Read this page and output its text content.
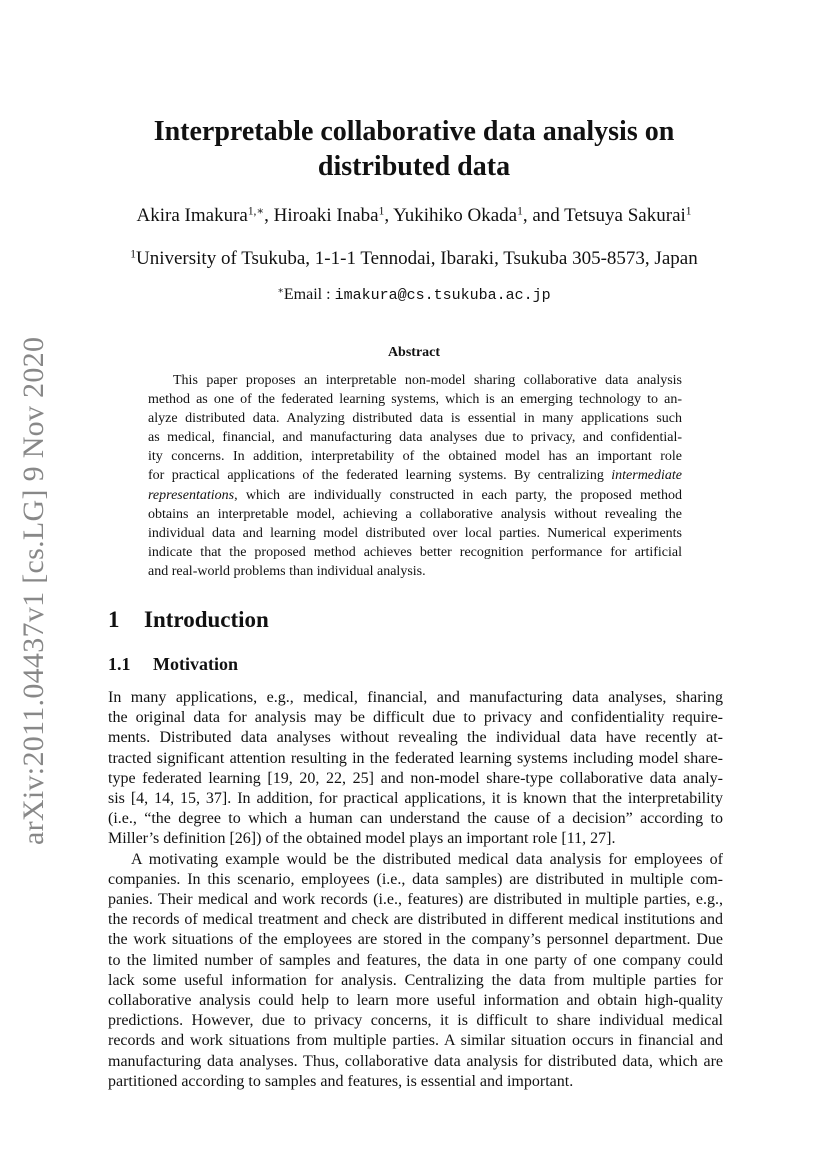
arXiv:2011.04437v1 [cs.LG] 9 Nov 2020
Interpretable collaborative data analysis on
distributed data
Akira Imakura$^{1,∗}$, Hiroaki Inaba$^1$, Yukihiko Okada$^1$, and Tetsuya Sakurai$^1$
$^1$University of Tsukuba, 1-1-1 Tennodai, Ibaraki, Tsukuba 305-8573, Japan
∗Email : imakura@cs.tsukuba.ac.jp
Abstract
This paper proposes an interpretable non-model sharing collaborative data analysis
method as one of the federated learning systems, which is an emerging technology to an-
alyze distributed data. Analyzing distributed data is essential in many applications such
as medical, financial, and manufacturing data analyses due to privacy, and confidential-
ity concerns. In addition, interpretability of the obtained model has an important role
for practical applications of the federated learning systems. By centralizing intermediate
representations, which are individually constructed in each party, the proposed method
obtains an interpretable model, achieving a collaborative analysis without revealing the
individual data and learning model distributed over local parties. Numerical experiments
indicate that the proposed method achieves better recognition performance for artificial
and real-world problems than individual analysis.
1 Introduction
1.1 Motivation
In many applications, e.g., medical, financial, and manufacturing data analyses, sharing
the original data for analysis may be difficult due to privacy and confidentiality require-
ments. Distributed data analyses without revealing the individual data have recently at-
tracted significant attention resulting in the federated learning systems including model share-
type federated learning [19, 20, 22, 25] and non-model share-type collaborative data analy-
sis [4, 14, 15, 37]. In addition, for practical applications, it is known that the interpretability
(i.e., “the degree to which a human can understand the cause of a decision” according to
Miller’s definition [26]) of the obtained model plays an important role [11, 27].
A motivating example would be the distributed medical data analysis for employees of
companies. In this scenario, employees (i.e., data samples) are distributed in multiple com-
panies. Their medical and work records (i.e., features) are distributed in multiple parties, e.g.,
the records of medical treatment and check are distributed in different medical institutions and
the work situations of the employees are stored in the company’s personnel department. Due
to the limited number of samples and features, the data in one party of one company could
lack some useful information for analysis. Centralizing the data from multiple parties for
collaborative analysis could help to learn more useful information and obtain high-quality
predictions. However, due to privacy concerns, it is difficult to share individual medical
records and work situations from multiple parties. A similar situation occurs in financial and
manufacturing data analyses. Thus, collaborative data analysis for distributed data, which are
partitioned according to samples and features, is essential and important.
